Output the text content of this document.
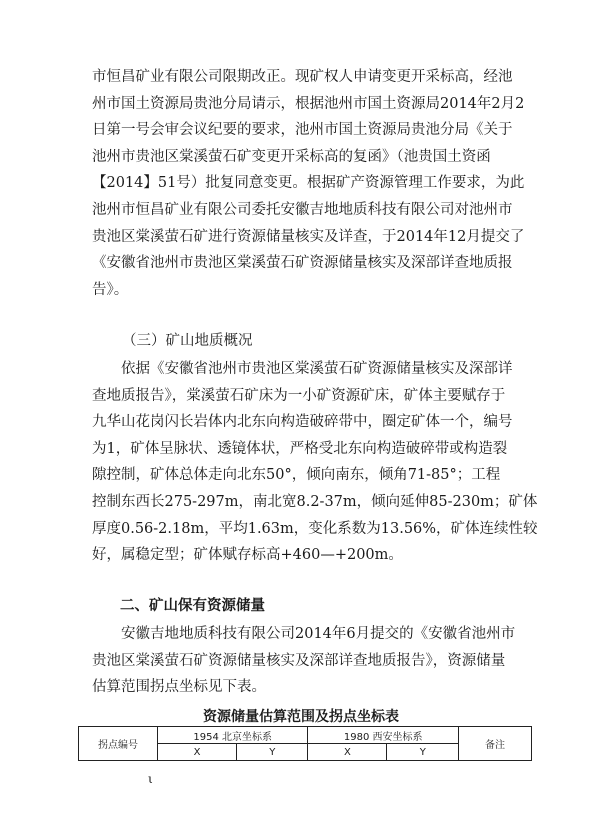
市恒昌矿业有限公司限期改正。现矿权人申请变更开采标高，经池
州市国土资源局贵池分局请示，根据池州市国土资源局2014年2月2
日第一号会审会议纪要的要求，池州市国土资源局贵池分局《关于
池州市贵池区棠溪萤石矿变更开采标高的复函》（池贵国土资函
【2014】51号）批复同意变更。根据矿产资源管理工作要求，为此
池州市恒昌矿业有限公司委托安徽吉地地质科技有限公司对池州市
贵池区棠溪萤石矿进行资源储量核实及详查，于2014年12月提交了
《安徽省池州市贵池区棠溪萤石矿资源储量核实及深部详查地质报
告》。

（三）矿山地质概况

依据《安徽省池州市贵池区棠溪萤石矿资源储量核实及深部详
查地质报告》，棠溪萤石矿床为一小矿资源矿床，矿体主要赋存于
九华山花岗闪长岩体内北东向构造破碎带中，圈定矿体一个，编号
为1，矿体呈脉状、透镜体状，严格受北东向构造破碎带或构造裂
隙控制，矿体总体走向北东50°，倾向南东，倾角71-85°；工程
控制东西长275-297m，南北宽8.2-37m，倾向延伸85-230m；矿体
厚度0.56-2.18m，平均1.63m，变化系数为13.56%，矿体连续性较
好，属稳定型；矿体赋存标高+460—+200m。

二、矿山保有资源储量

安徽吉地地质科技有限公司2014年6月提交的《安徽省池州市
贵池区棠溪萤石矿资源储量核实及深部详查地质报告》，资源储量
估算范围拐点坐标见下表。
资源储量估算范围及拐点坐标表
拐点编号	1954 北京坐标系		1980 西安坐标系		备注
	X	Y	X	Y	
ι
